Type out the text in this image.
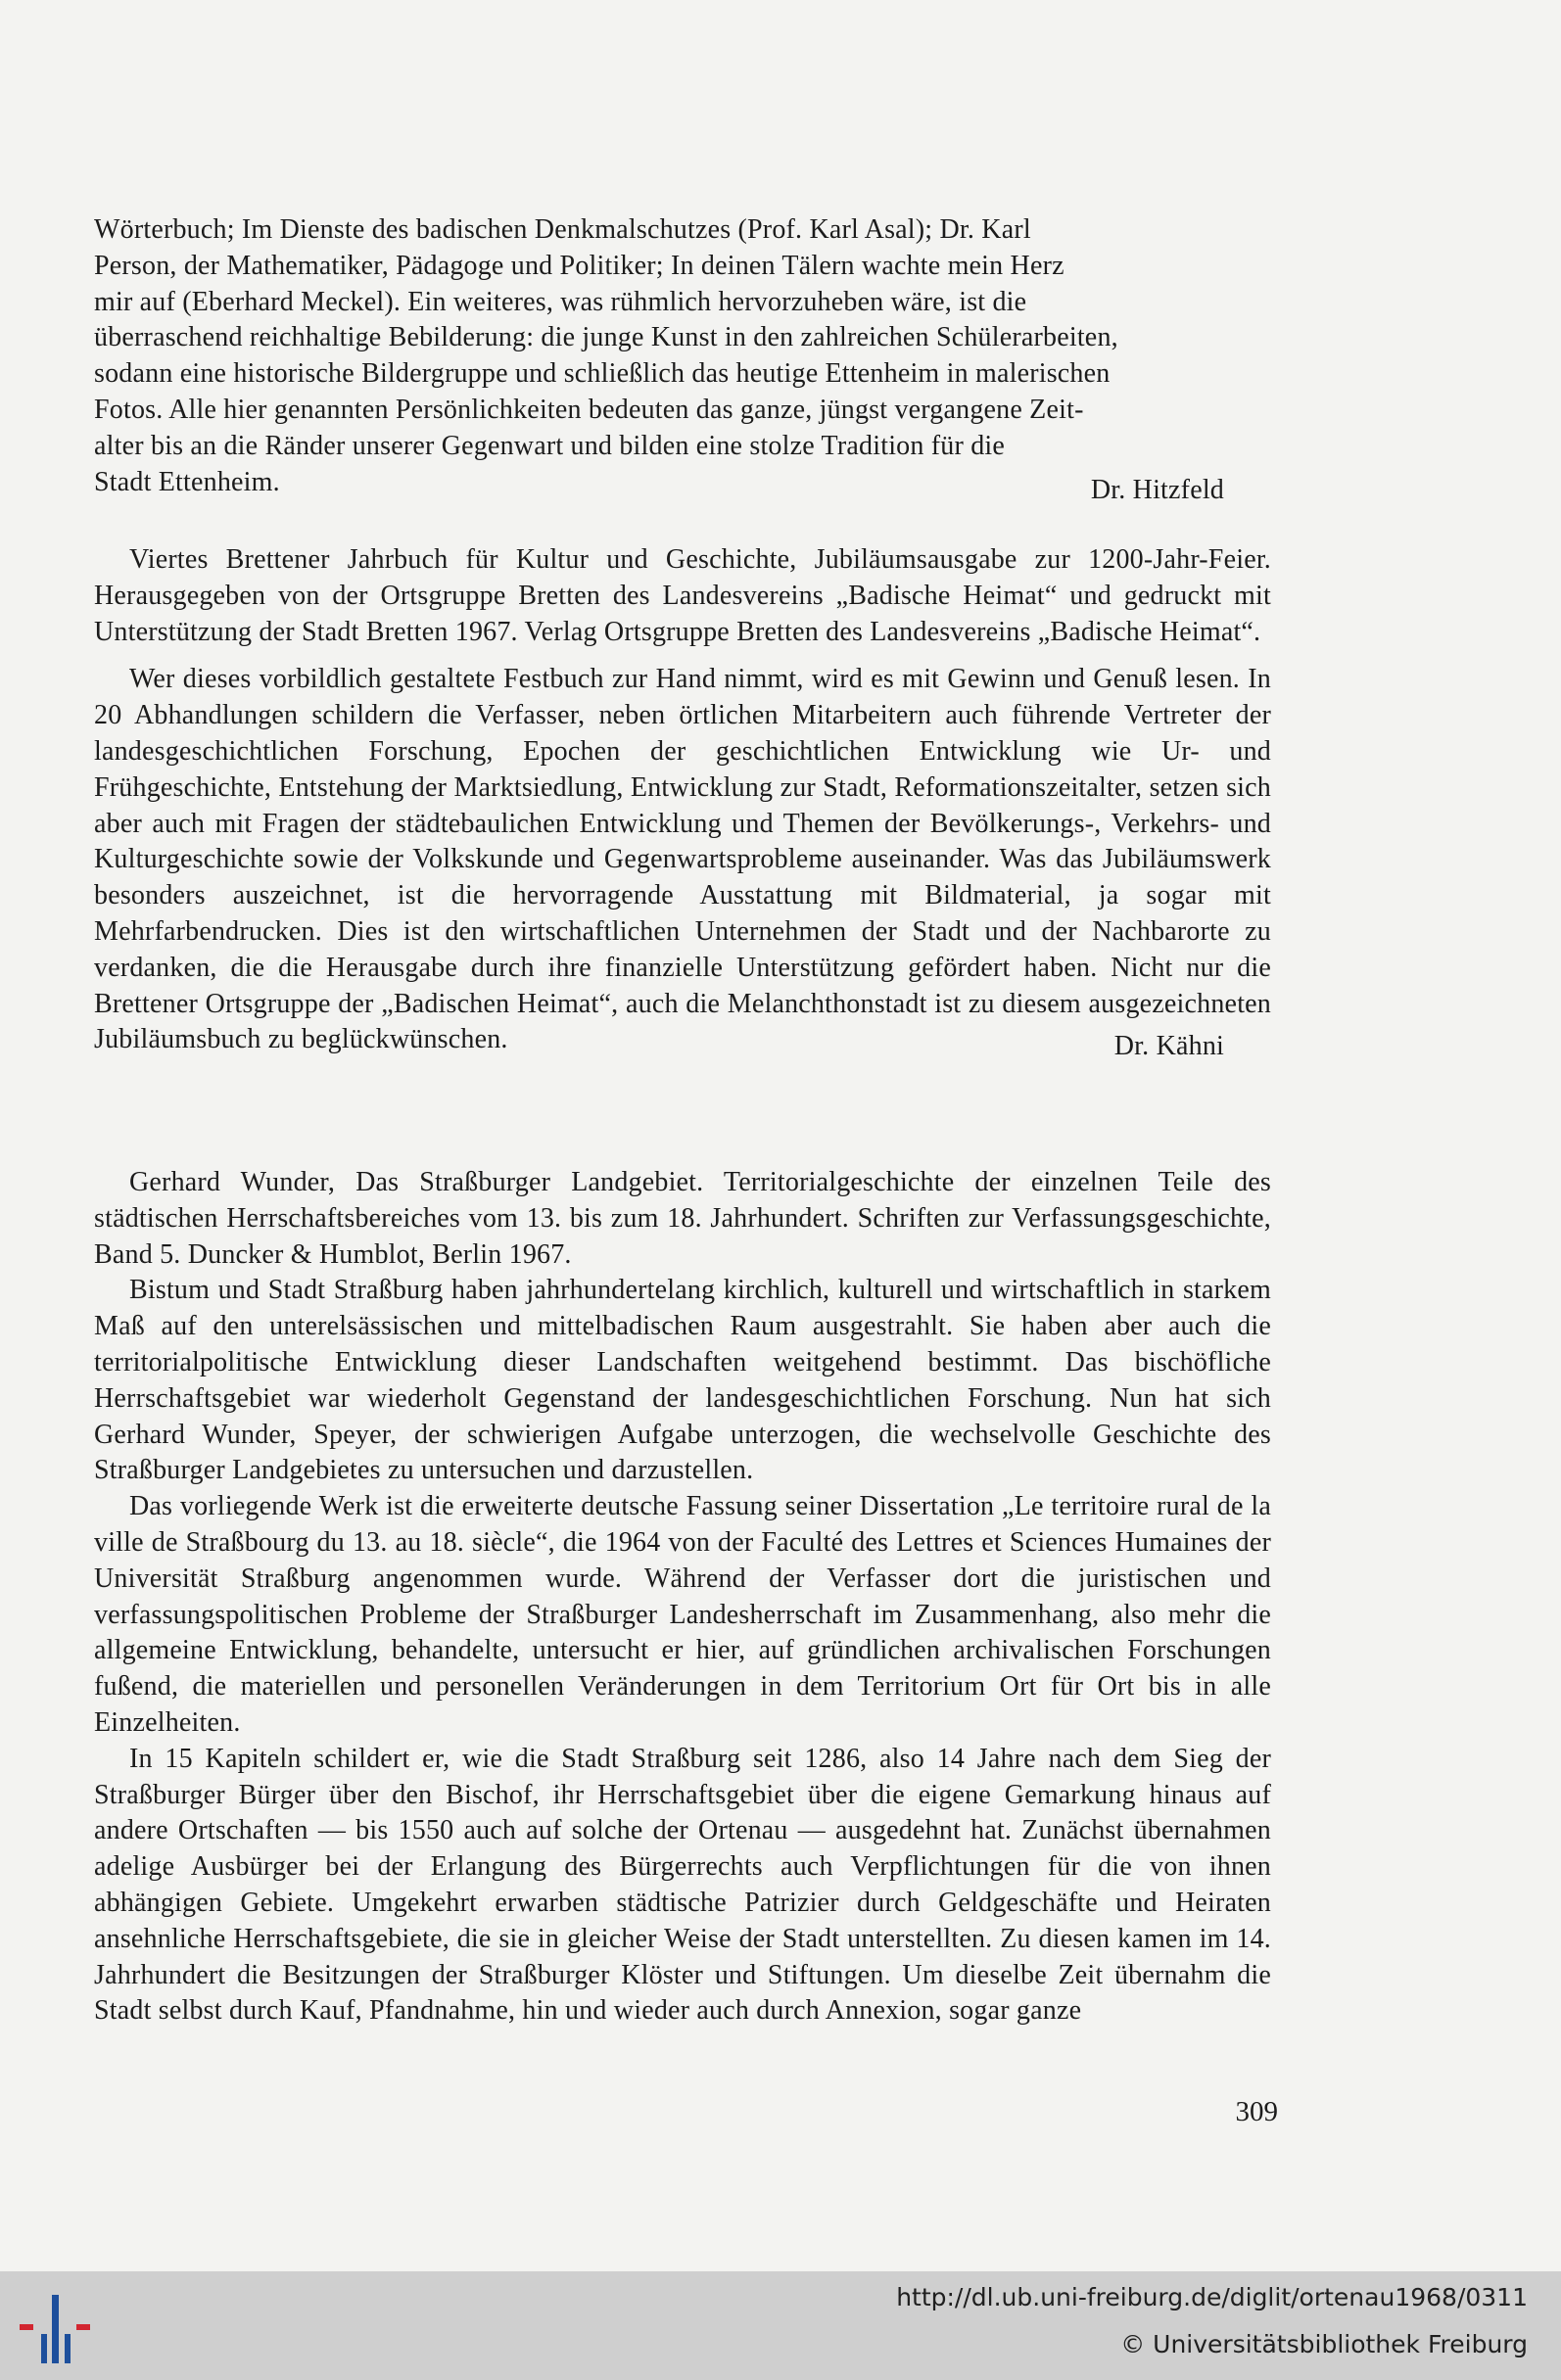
Wörterbuch; Im Dienste des badischen Denkmalschutzes (Prof. Karl Asal); Dr. Karl

Person, der Mathematiker, Pädagoge und Politiker; In deinen Tälern wachte mein Herz

mir auf (Eberhard Meckel). Ein weiteres, was rühmlich hervorzuheben wäre, ist die

überraschend reichhaltige Bebilderung: die junge Kunst in den zahlreichen Schülerarbeiten,

sodann eine historische Bildergruppe und schließlich das heutige Ettenheim in malerischen

Fotos. Alle hier genannten Persönlichkeiten bedeuten das ganze, jüngst vergangene Zeit-

alter bis an die Ränder unserer Gegenwart und bilden eine stolze Tradition für die

Stadt Ettenheim.	Dr. Hitzfeld

Viertes Brettener Jahrbuch für Kultur und Geschichte, Jubiläumsausgabe zur 1200-Jahr-Feier. Herausgegeben von der Ortsgruppe Bretten des Landesvereins „Badische Heimat“ und gedruckt mit Unterstützung der Stadt Bretten 1967. Verlag Ortsgruppe Bretten des Landesvereins „Badische Heimat“.

Wer dieses vorbildlich gestaltete Festbuch zur Hand nimmt, wird es mit Gewinn und Genuß lesen. In 20 Abhandlungen schildern die Verfasser, neben örtlichen Mitarbeitern auch führende Vertreter der landesgeschichtlichen Forschung, Epochen der geschichtlichen Entwicklung wie Ur- und Frühgeschichte, Entstehung der Marktsiedlung, Entwicklung zur Stadt, Reformationszeitalter, setzen sich aber auch mit Fragen der städtebaulichen Entwicklung und Themen der Bevölkerungs-, Verkehrs- und Kulturgeschichte sowie der Volkskunde und Gegenwartsprobleme auseinander. Was das Jubiläumswerk besonders auszeichnet, ist die hervorragende Ausstattung mit Bildmaterial, ja sogar mit Mehrfarbendrucken. Dies ist den wirtschaftlichen Unternehmen der Stadt und der Nachbarorte zu verdanken, die die Herausgabe durch ihre finanzielle Unterstützung gefördert haben. Nicht nur die Brettener Ortsgruppe der „Badischen Heimat“, auch die Melanchthonstadt ist zu diesem ausgezeichneten Jubiläumsbuch zu beglückwünschen.	Dr. Kähni

Gerhard Wunder, Das Straßburger Landgebiet. Territorialgeschichte der einzelnen Teile des städtischen Herrschaftsbereiches vom 13. bis zum 18. Jahrhundert. Schriften zur Verfassungsgeschichte, Band 5. Duncker & Humblot, Berlin 1967.

Bistum und Stadt Straßburg haben jahrhundertelang kirchlich, kulturell und wirtschaftlich in starkem Maß auf den unterelsässischen und mittelbadischen Raum ausgestrahlt. Sie haben aber auch die territorialpolitische Entwicklung dieser Landschaften weitgehend bestimmt. Das bischöfliche Herrschaftsgebiet war wiederholt Gegenstand der landesgeschichtlichen Forschung. Nun hat sich Gerhard Wunder, Speyer, der schwierigen Aufgabe unterzogen, die wechselvolle Geschichte des Straßburger Landgebietes zu untersuchen und darzustellen.

Das vorliegende Werk ist die erweiterte deutsche Fassung seiner Dissertation „Le territoire rural de la ville de Straßbourg du 13. au 18. siècle“, die 1964 von der Faculté des Lettres et Sciences Humaines der Universität Straßburg angenommen wurde. Während der Verfasser dort die juristischen und verfassungspolitischen Probleme der Straßburger Landesherrschaft im Zusammenhang, also mehr die allgemeine Entwicklung, behandelte, untersucht er hier, auf gründlichen archivalischen Forschungen fußend, die materiellen und personellen Veränderungen in dem Territorium Ort für Ort bis in alle Einzelheiten.

In 15 Kapiteln schildert er, wie die Stadt Straßburg seit 1286, also 14 Jahre nach dem Sieg der Straßburger Bürger über den Bischof, ihr Herrschaftsgebiet über die eigene Gemarkung hinaus auf andere Ortschaften — bis 1550 auch auf solche der Ortenau — ausgedehnt hat. Zunächst übernahmen adelige Ausbürger bei der Erlangung des Bürgerrechts auch Verpflichtungen für die von ihnen abhängigen Gebiete. Umgekehrt erwarben städtische Patrizier durch Geldgeschäfte und Heiraten ansehnliche Herrschaftsgebiete, die sie in gleicher Weise der Stadt unterstellten. Zu diesen kamen im 14. Jahrhundert die Besitzungen der Straßburger Klöster und Stiftungen. Um dieselbe Zeit übernahm die Stadt selbst durch Kauf, Pfandnahme, hin und wieder auch durch Annexion, sogar ganze

309
http://dl.ub.uni-freiburg.de/diglit/ortenau1968/0311
© Universitätsbibliothek Freiburg
